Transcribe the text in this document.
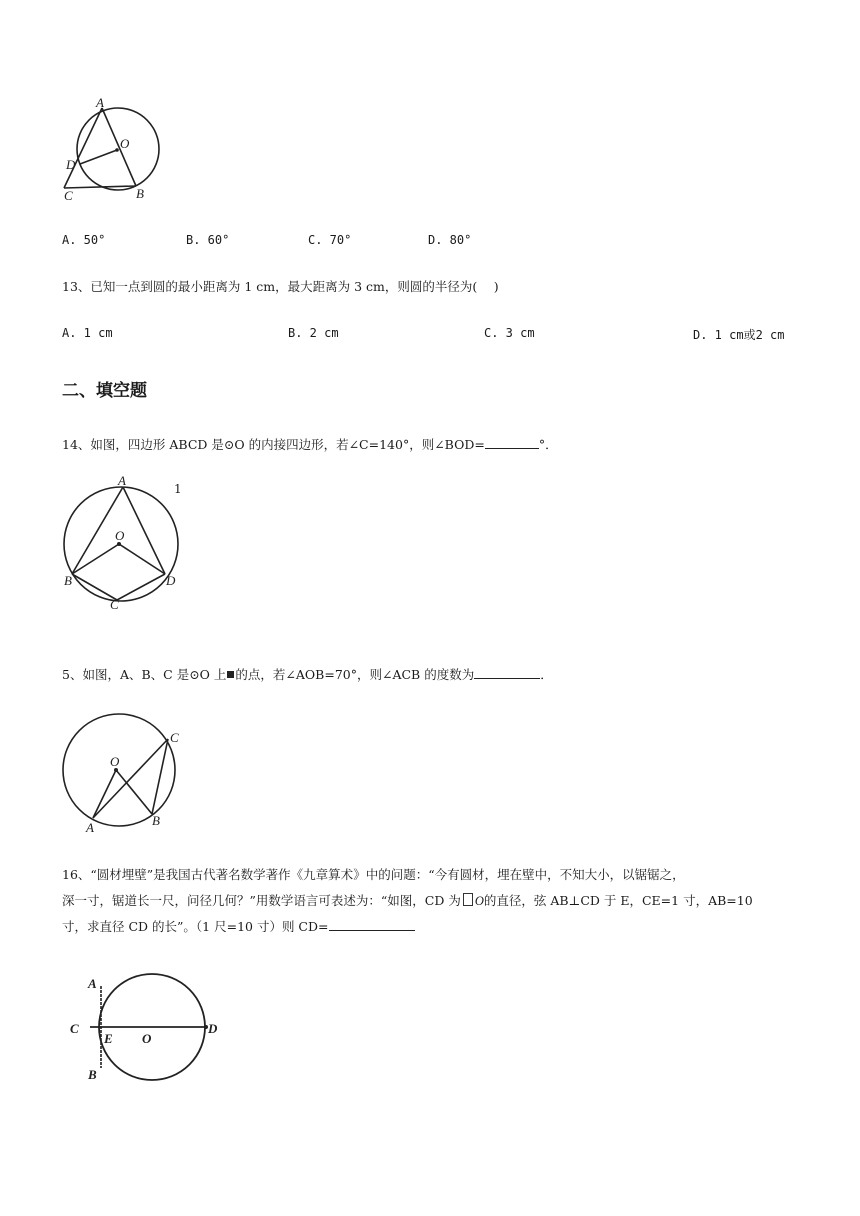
A
O
D
C	B
A. 50°	B. 60°	C. 70°	D. 80°
13、已知一点到圆的最小距离为 1 cm，最大距离为 3 cm，则圆的半径为(　 )
A. 1 cm	B. 2 cm	C. 3 cm	D. 1 cm或2 cm
二、填空题
14、如图，四边形 ABCD 是⊙O 的内接四边形，若∠C=140°，则∠BOD=	°．
1
A
O
B
C
D
5、如图，A、B、C 是⊙O 上 的点，若∠AOB=70°，则∠ACB 的度数为	．
O
C
A	B
16、“圆材埋壁”是我国古代著名数学著作《九章算术》中的问题：“今有圆材，埋在壁中，不知大小，以锯锯之，
深一寸，锯道长一尺，问径几何？”用数学语言可表述为：“如图，CD 为 O的直径，弦 AB⊥CD 于 E，CE=1 寸，AB=10
寸，求直径 CD 的长”。（1 尺=10 寸）则 CD=
A
C
E O
D
B
